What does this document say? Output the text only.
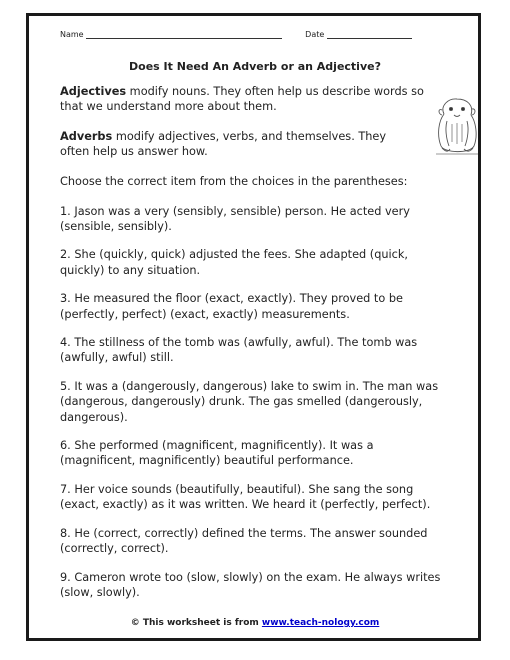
Name	Date
Does It Need An Adverb or an Adjective?

Adjectives modify nouns. They often help us describe words so that we understand more about them.

Adverbs modify adjectives, verbs, and themselves. They often help us answer how.

Choose the correct item from the choices in the parentheses:

1. Jason was a very (sensibly, sensible) person. He acted very (sensible, sensibly).

2. She (quickly, quick) adjusted the fees. She adapted (quick, quickly) to any situation.

3. He measured the floor (exact, exactly). They proved to be (perfectly, perfect) (exact, exactly) measurements.

4. The stillness of the tomb was (awfully, awful). The tomb was (awfully, awful) still.

5. It was a (dangerously, dangerous) lake to swim in. The man was (dangerous, dangerously) drunk. The gas smelled (dangerously, dangerous).

6. She performed (magnificent, magnificently). It was a (magnificent, magnificently) beautiful performance.

7. Her voice sounds (beautifully, beautiful). She sang the song (exact, exactly) as it was written. We heard it (perfectly, perfect).

8. He (correct, correctly) defined the terms. The answer sounded (correctly, correct).

9. Cameron wrote too (slow, slowly) on the exam. He always writes (slow, slowly).

© This worksheet is from www.teach-nology.com
